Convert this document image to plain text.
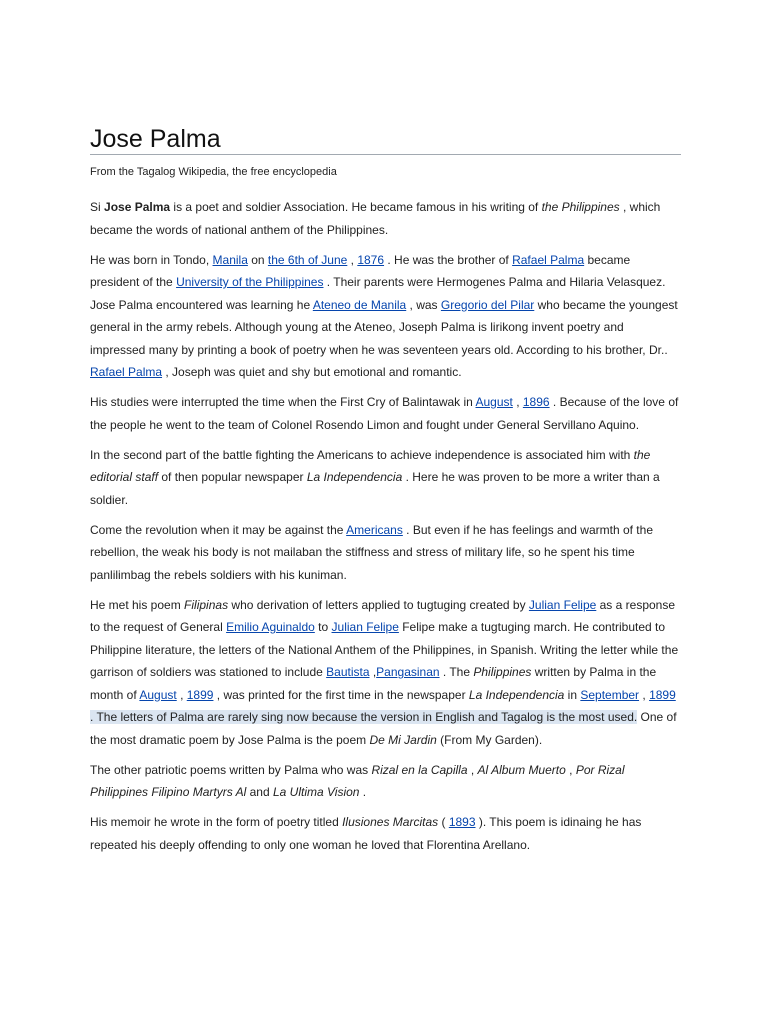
Jose Palma

From the Tagalog Wikipedia, the free encyclopedia

Si Jose Palma is a poet and soldier Association. He became famous in his writing of the Philippines , which became the words of national anthem of the Philippines.

He was born in Tondo, Manila on the 6th of June , 1876 . He was the brother of Rafael Palma became president of the University of the Philippines . Their parents were Hermogenes Palma and Hilaria Velasquez. Jose Palma encountered was learning he Ateneo de Manila , was Gregorio del Pilar who became the youngest general in the army rebels. Although young at the Ateneo, Joseph Palma is lirikong invent poetry and impressed many by printing a book of poetry when he was seventeen years old. According to his brother, Dr.. Rafael Palma , Joseph was quiet and shy but emotional and romantic.

His studies were interrupted the time when the First Cry of Balintawak in August , 1896 . Because of the love of the people he went to the team of Colonel Rosendo Limon and fought under General Servillano Aquino.

In the second part of the battle fighting the Americans to achieve independence is associated him with the editorial staff of then popular newspaper La Independencia . Here he was proven to be more a writer than a soldier.

Come the revolution when it may be against the Americans . But even if he has feelings and warmth of the rebellion, the weak his body is not mailaban the stiffness and stress of military life, so he spent his time panlilimbag the rebels soldiers with his kuniman.

He met his poem Filipinas who derivation of letters applied to tugtuging created by Julian Felipe as a response to the request of General Emilio Aguinaldo to Julian Felipe Felipe make a tugtuging march. He contributed to Philippine literature, the letters of the National Anthem of the Philippines, in Spanish. Writing the letter while the garrison of soldiers was stationed to include Bautista ,Pangasinan . The Philippines written by Palma in the month of August , 1899 , was printed for the first time in the newspaper La Independencia in September , 1899 . The letters of Palma are rarely sing now because the version in English and Tagalog is the most used. One of the most dramatic poem by Jose Palma is the poem De Mi Jardin (From My Garden).

The other patriotic poems written by Palma who was Rizal en la Capilla , Al Album Muerto , Por Rizal Philippines Filipino Martyrs Al and La Ultima Vision .

His memoir he wrote in the form of poetry titled Ilusiones Marcitas ( 1893 ). This poem is idinaing he has repeated his deeply offending to only one woman he loved that Florentina Arellano.
